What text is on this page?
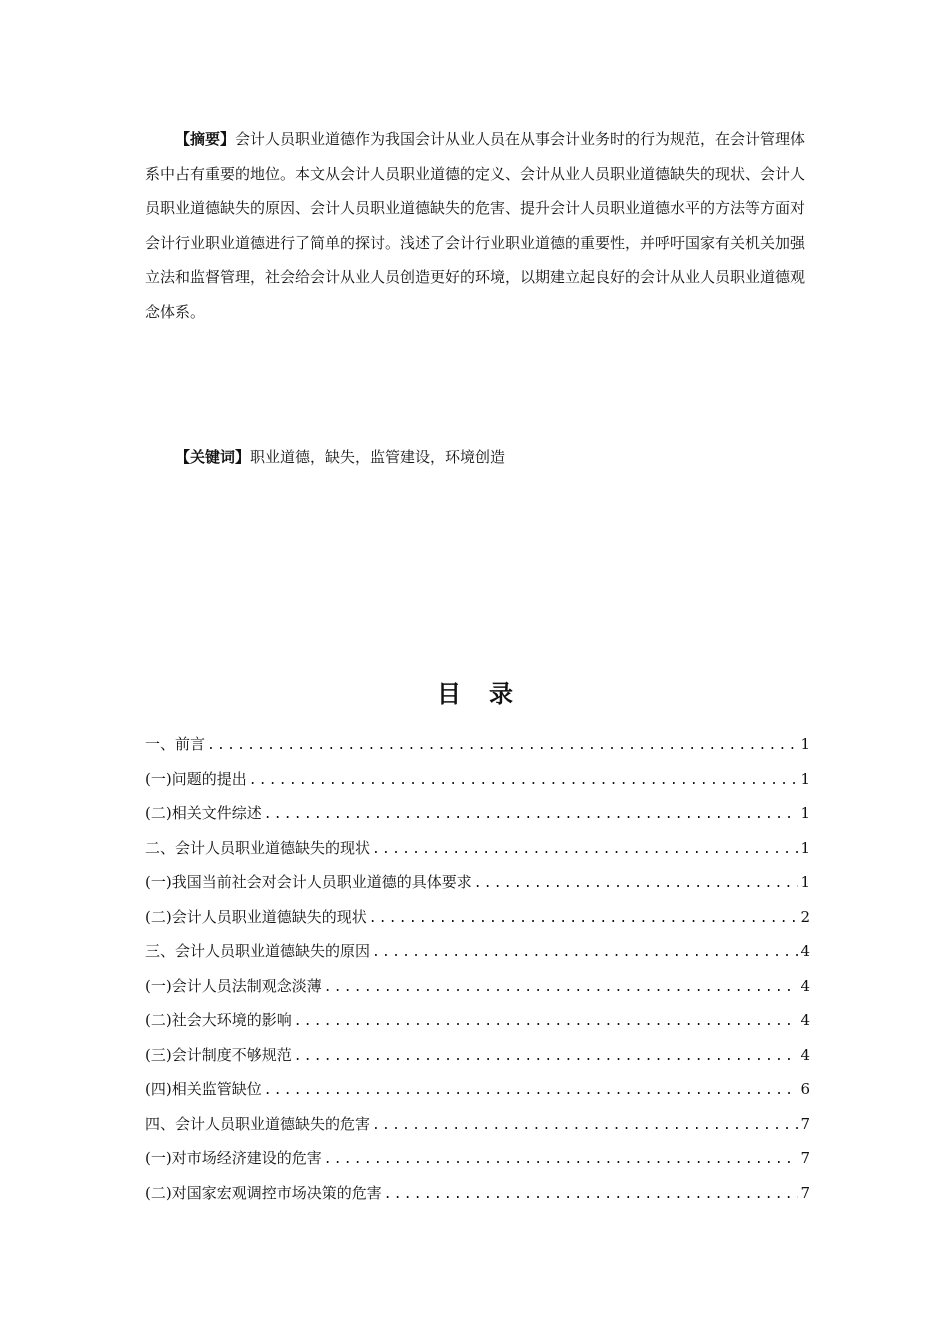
【摘要】会计人员职业道德作为我国会计从业人员在从事会计业务时的行为规范，在会计管理体系中占有重要的地位。本文从会计人员职业道德的定义、会计从业人员职业道德缺失的现状、会计人员职业道德缺失的原因、会计人员职业道德缺失的危害、提升会计人员职业道德水平的方法等方面对会计行业职业道德进行了简单的探讨。浅述了会计行业职业道德的重要性，并呼吁国家有关机关加强立法和监督管理，社会给会计从业人员创造更好的环境，以期建立起良好的会计从业人员职业道德观念体系。

【关键词】职业道德，缺失，监管建设，环境创造

目 录
一、前言 .....	1
(一)问题的提出 .....	1
(二)相关文件综述 .....	1
二、会计人员职业道德缺失的现状 .....	1
(一)我国当前社会对会计人员职业道德的具体要求 .....	1
(二)会计人员职业道德缺失的现状 .....	2
三、会计人员职业道德缺失的原因 .....	4
(一)会计人员法制观念淡薄 .....	4
(二)社会大环境的影响 .....	4
(三)会计制度不够规范 .....	4
(四)相关监管缺位 .....	6
四、会计人员职业道德缺失的危害 .....	7
(一)对市场经济建设的危害 .....	7
(二)对国家宏观调控市场决策的危害 .....	7
